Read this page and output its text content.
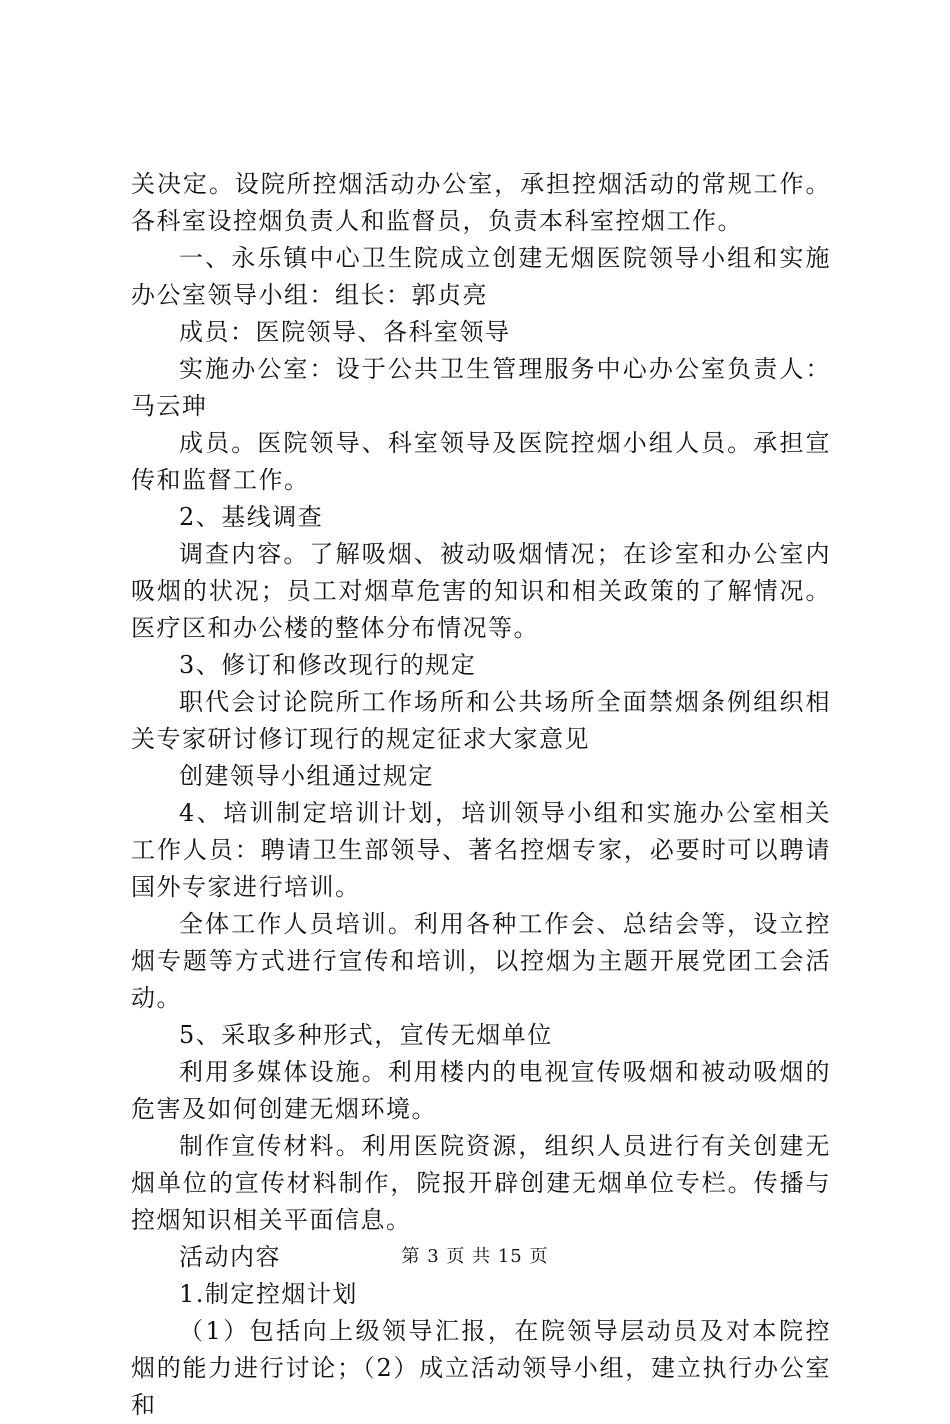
关决定。设院所控烟活动办公室，承担控烟活动的常规工作。各科室设控烟负责人和监督员，负责本科室控烟工作。

一、永乐镇中心卫生院成立创建无烟医院领导小组和实施办公室领导小组：组长：郭贞亮

成员：医院领导、各科室领导

实施办公室：设于公共卫生管理服务中心办公室负责人：马云珅

成员。医院领导、科室领导及医院控烟小组人员。承担宣传和监督工作。

2、基线调查

调查内容。了解吸烟、被动吸烟情况；在诊室和办公室内吸烟的状况；员工对烟草危害的知识和相关政策的了解情况。医疗区和办公楼的整体分布情况等。

3、修订和修改现行的规定

职代会讨论院所工作场所和公共场所全面禁烟条例组织相关专家研讨修订现行的规定征求大家意见

创建领导小组通过规定

4、培训制定培训计划，培训领导小组和实施办公室相关工作人员：聘请卫生部领导、著名控烟专家，必要时可以聘请国外专家进行培训。

全体工作人员培训。利用各种工作会、总结会等，设立控烟专题等方式进行宣传和培训，以控烟为主题开展党团工会活动。

5、采取多种形式，宣传无烟单位

利用多媒体设施。利用楼内的电视宣传吸烟和被动吸烟的危害及如何创建无烟环境。

制作宣传材料。利用医院资源，组织人员进行有关创建无烟单位的宣传材料制作，院报开辟创建无烟单位专栏。传播与控烟知识相关平面信息。

活动内容

1.制定控烟计划

（1）包括向上级领导汇报，在院领导层动员及对本院控烟的能力进行讨论；（2）成立活动领导小组，建立执行办公室和

第 3 页 共 15 页
